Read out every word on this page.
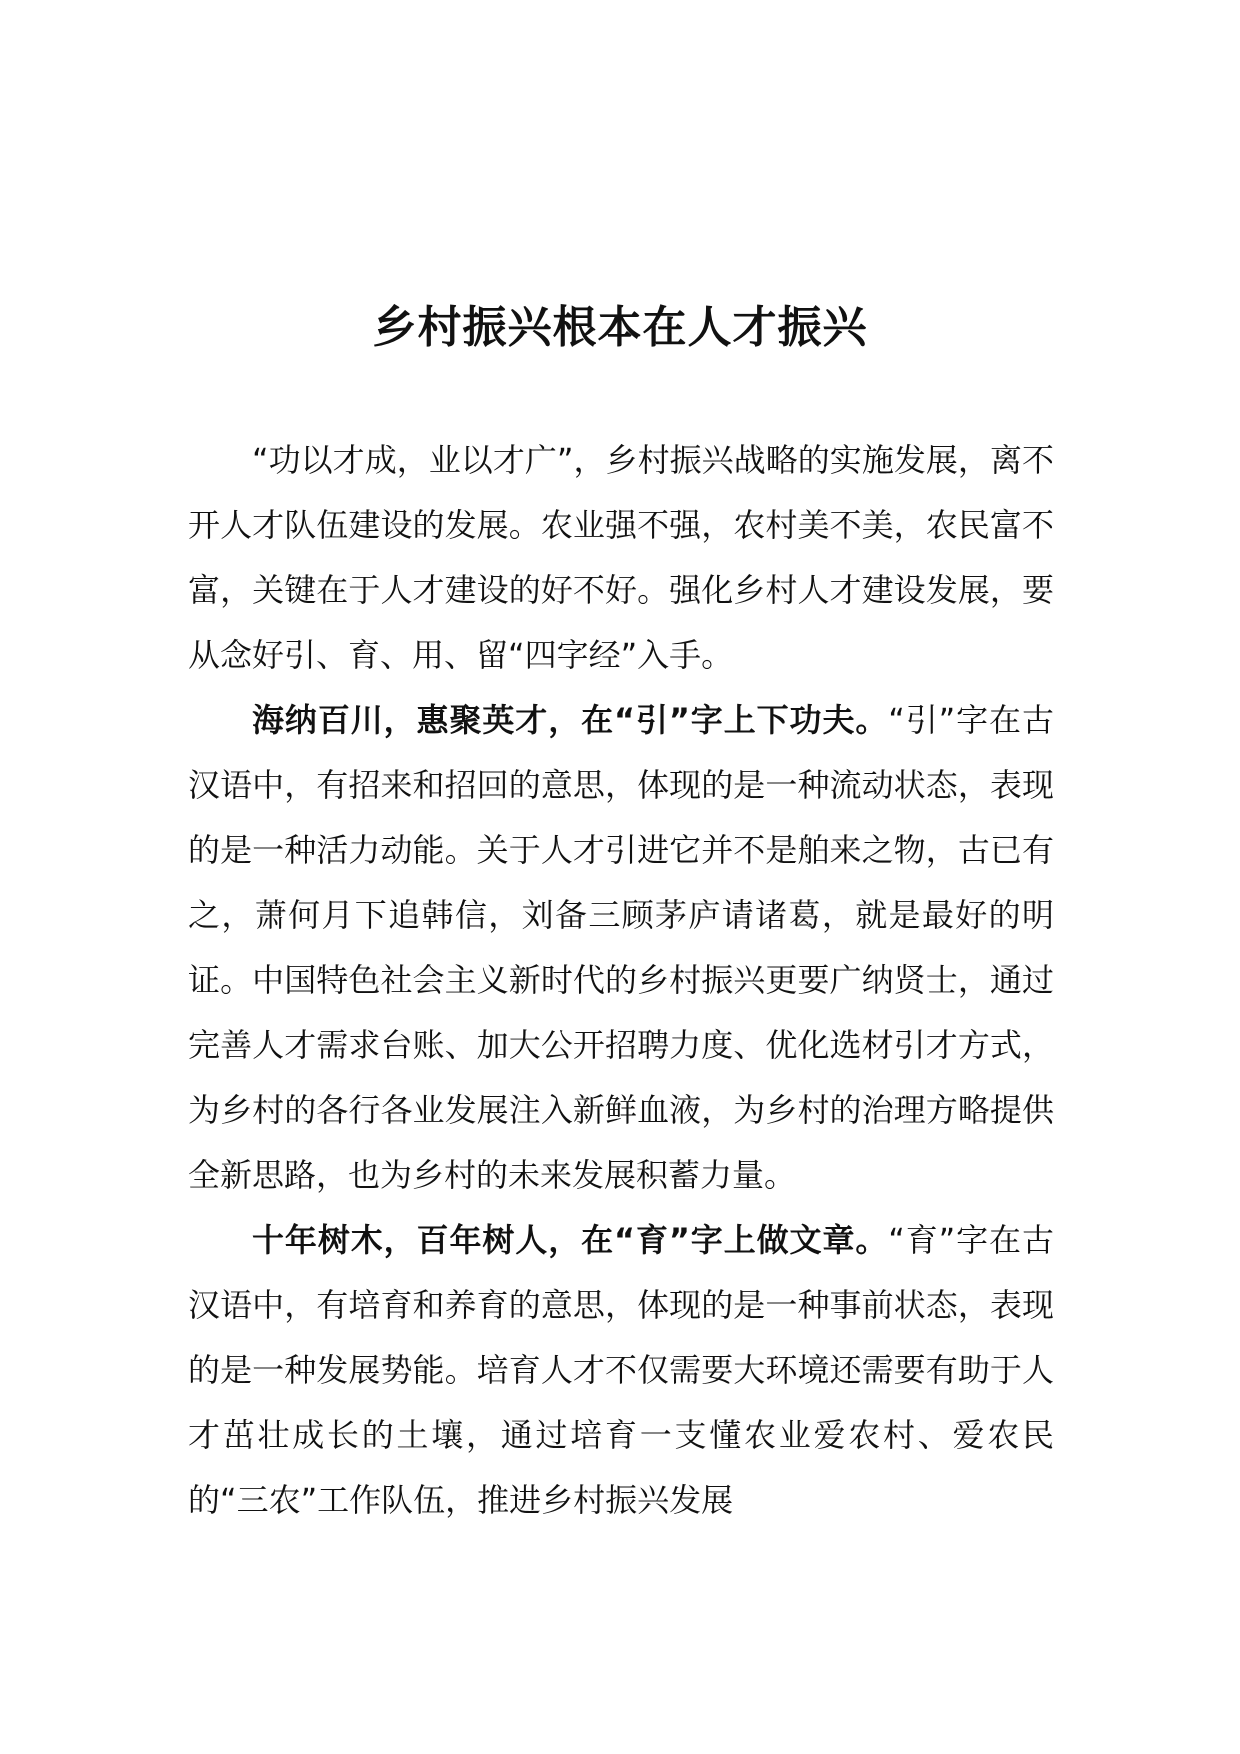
乡村振兴根本在人才振兴

“功以才成，业以才广”，乡村振兴战略的实施发展，离不开人才队伍建设的发展。农业强不强，农村美不美，农民富不富，关键在于人才建设的好不好。强化乡村人才建设发展，要从念好引、育、用、留“四字经”入手。

海纳百川，惠聚英才，在“引”字上下功夫。“引”字在古汉语中，有招来和招回的意思，体现的是一种流动状态，表现的是一种活力动能。关于人才引进它并不是舶来之物，古已有之，萧何月下追韩信，刘备三顾茅庐请诸葛，就是最好的明证。中国特色社会主义新时代的乡村振兴更要广纳贤士，通过完善人才需求台账、加大公开招聘力度、优化选材引才方式，为乡村的各行各业发展注入新鲜血液，为乡村的治理方略提供全新思路，也为乡村的未来发展积蓄力量。

十年树木，百年树人，在“育”字上做文章。“育”字在古汉语中，有培育和养育的意思，体现的是一种事前状态，表现的是一种发展势能。培育人才不仅需要大环境还需要有助于人才茁壮成长的土壤，通过培育一支懂农业爱农村、爱农民的“三农”工作队伍，推进乡村振兴发展
